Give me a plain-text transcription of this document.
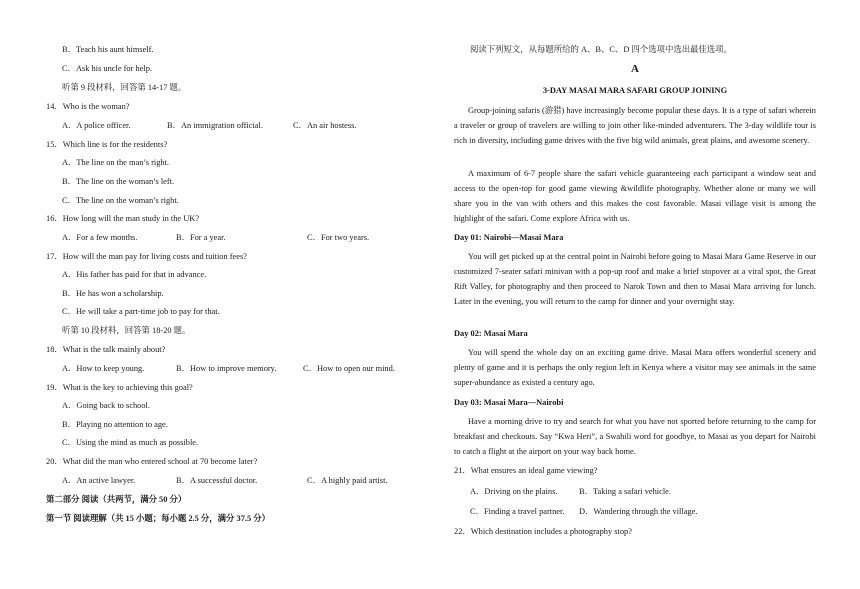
B．Teach his aunt himself.
C．Ask his uncle for help.
听第 9 段材料，回答第 14-17 题。
14．Who is the woman?
A．A police officer.	B．An immigration official.	C．An air hostess.
15．Which line is for the residents?
A．The line on the man’s right.
B．The line on the woman’s left.
C．The line on the woman’s right.
16．How long will the man study in the UK?
A．For a few months.	B．For a year.	C．For two years.
17．How will the man pay for living costs and tuition fees?
A．His father has paid for that in advance.
B．He has won a scholarship.
C．He will take a part-time job to pay for that.
听第 10 段材料，回答第 18-20 题。
18．What is the talk mainly about?
A．How to keep young.	B．How to improve memory.	C．How to open our mind.
19．What is the key to achieving this goal?
A．Going back to school.
B．Playing no attention to age.
C．Using the mind as much as possible.
20．What did the man who entered school at 70 become later?
A．An active lawyer.	B．A successful doctor.	C．A highly paid artist.
第二部分 阅读（共两节，满分 50 分）
第一节 阅读理解（共 15 小题；每小题 2.5 分，满分 37.5 分）
阅读下列短文，从每题所给的 A、B、C、D 四个选项中选出最佳选项。
A
3-DAY MASAI MARA SAFARI GROUP JOINING
Group-joining safaris (游猎) have increasingly become popular these days. It is a type of safari wherein a traveler or group of travelers are willing to join other like-minded adventurers. The 3-day wildlife tour is rich in diversity, including game drives with the five big wild animals, great plains, and awesome scenery.
A maximum of 6-7 people share the safari vehicle guaranteeing each participant a window seat and access to the open-top for good game viewing &wildlife photography. Whether alone or many we will share you in the van with others and this makes the cost favorable. Masai village visit is among the highlight of the safari. Come explore Africa with us.
Day 01: Nairobi—Masai Mara
You will get picked up at the central point in Nairobi before going to Masai Mara Game Reserve in our customized 7-seater safari minivan with a pop-up roof and make a brief stopover at a viral spot, the Great Rift Valley, for photography and then proceed to Narok Town and then to Masai Mara arriving for lunch. Later in the evening, you will return to the camp for dinner and your overnight stay.
Day 02: Masai Mara
You will spend the whole day on an exciting game drive. Masai Mara offers wonderful scenery and plenty of game and it is perhaps the only region left in Kenya where a visitor may see animals in the same super-abundance as existed a century ago.
Day 03: Masai Mara—Nairobi
Have a morning drive to try and search for what you have not sported before returning to the camp for breakfast and checkouts. Say “Kwa Heri”, a Swahili word for goodbye, to Masai as you depart for Nairobi to catch a flight at the airport on your way back home.
21．What ensures an ideal game viewing?
A．Driving on the plains.	B．Taking a safari vehicle.
C．Finding a travel partner. D．Wandering through the village.
22．Which destination includes a photography stop?
